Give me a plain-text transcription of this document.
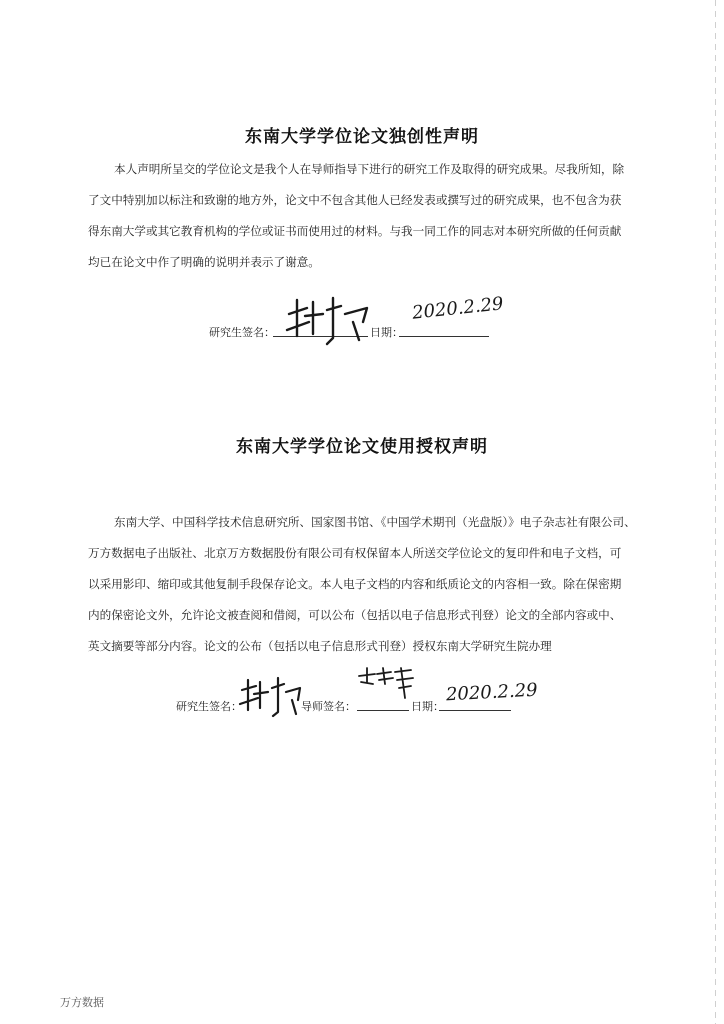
东南大学学位论文独创性声明
本人声明所呈交的学位论文是我个人在导师指导下进行的研究工作及取得的研究成果。尽我所知，除
了文中特别加以标注和致谢的地方外，论文中不包含其他人已经发表或撰写过的研究成果，也不包含为获
得东南大学或其它教育机构的学位或证书而使用过的材料。与我一同工作的同志对本研究所做的任何贡献
均已在论文中作了明确的说明并表示了谢意。
研究生签名：	日期：
2020.2.29
东南大学学位论文使用授权声明
东南大学、中国科学技术信息研究所、国家图书馆、《中国学术期刊（光盘版）》电子杂志社有限公司、
万方数据电子出版社、北京万方数据股份有限公司有权保留本人所送交学位论文的复印件和电子文档，可
以采用影印、缩印或其他复制手段保存论文。本人电子文档的内容和纸质论文的内容相一致。除在保密期
内的保密论文外，允许论文被查阅和借阅，可以公布（包括以电子信息形式刊登）论文的全部内容或中、
英文摘要等部分内容。论文的公布（包括以电子信息形式刊登）授权东南大学研究生院办理
研究生签名：	导师签名：	日期：
2020.2.29
万方数据
